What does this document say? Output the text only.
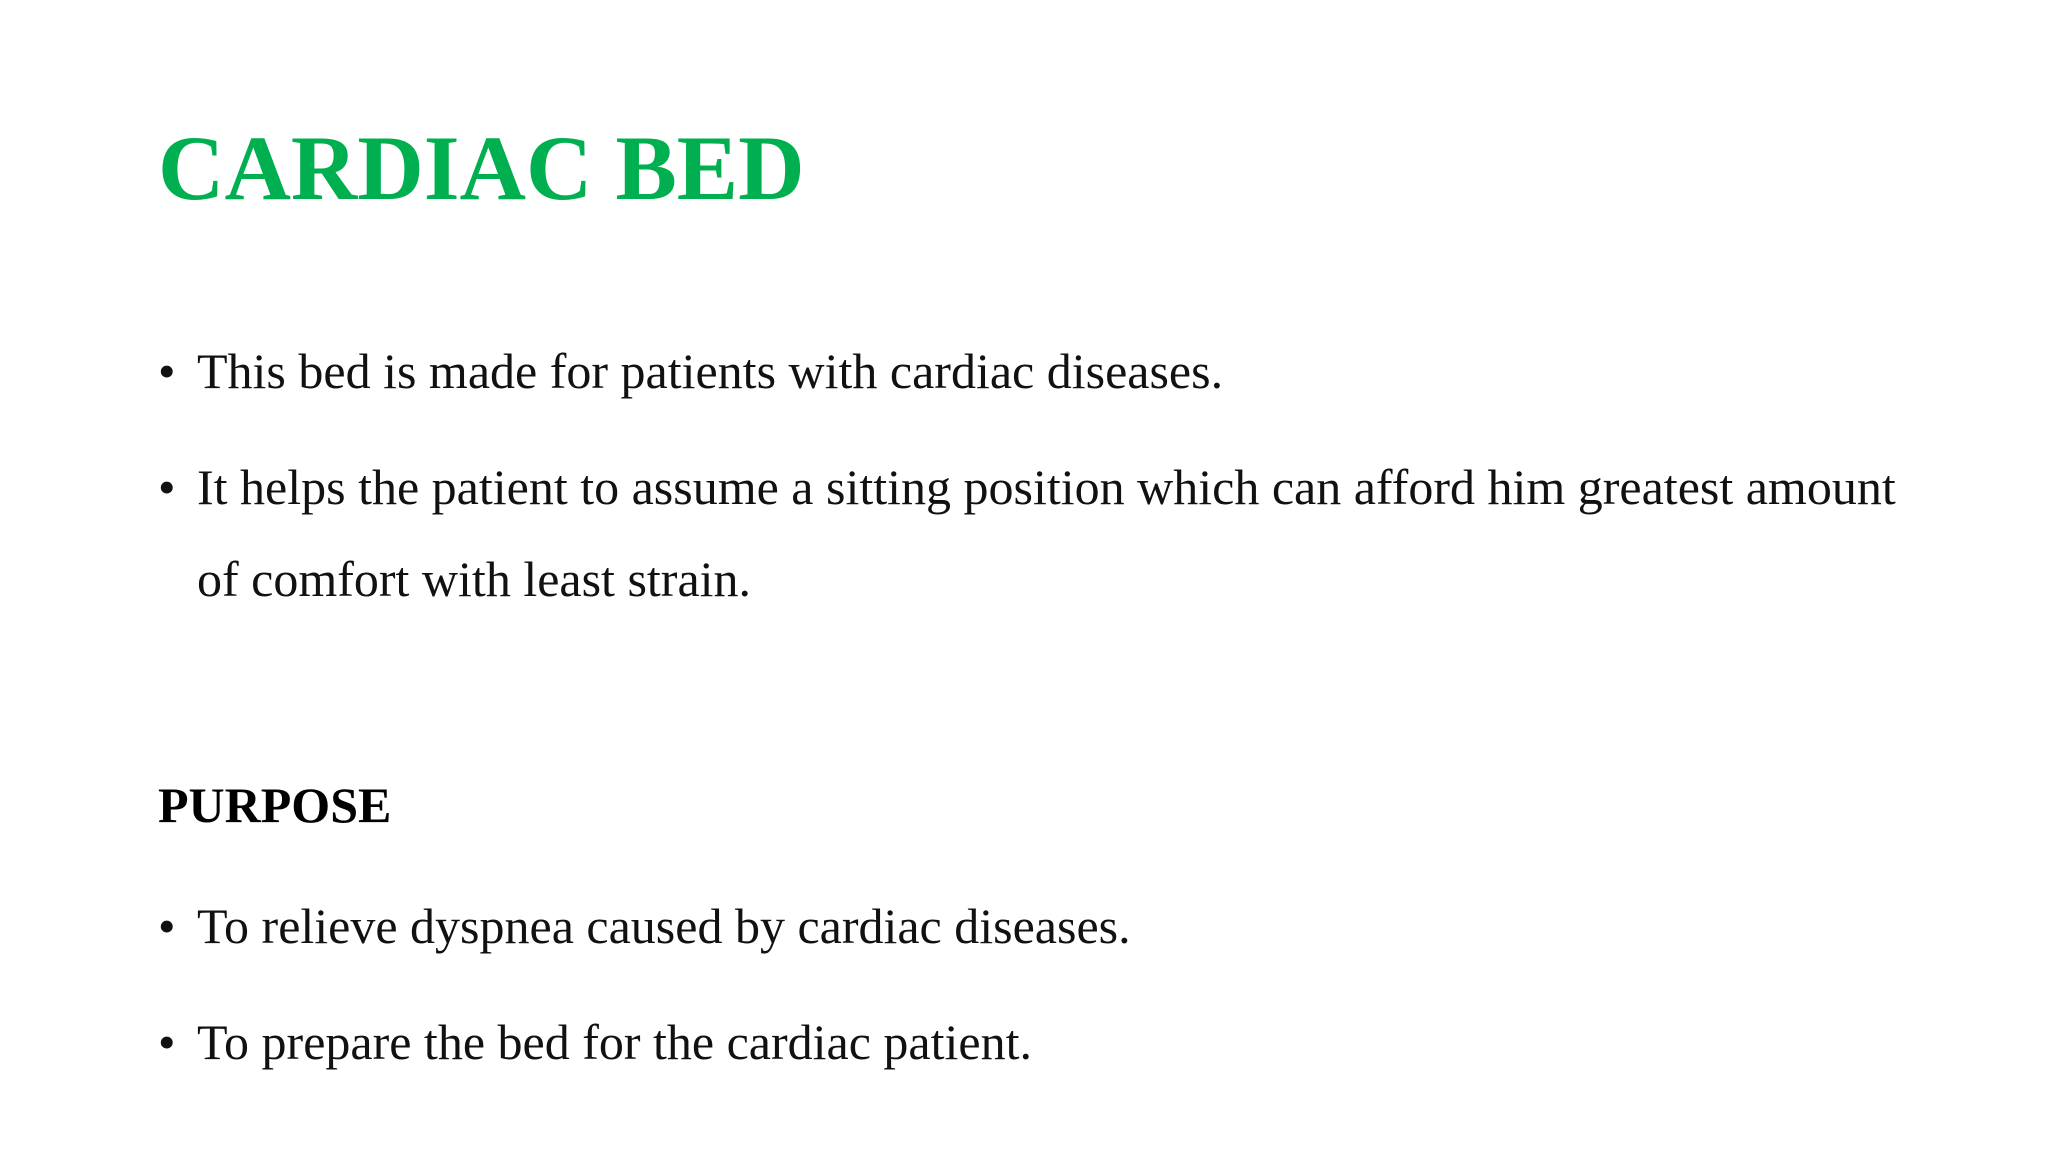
CARDIAC BED
• This bed is made for patients with cardiac diseases.
• It helps the patient to assume a sitting position which can afford him greatest amount of comfort with least strain.
PURPOSE
• To relieve dyspnea caused by cardiac diseases.
• To prepare the bed for the cardiac patient.
